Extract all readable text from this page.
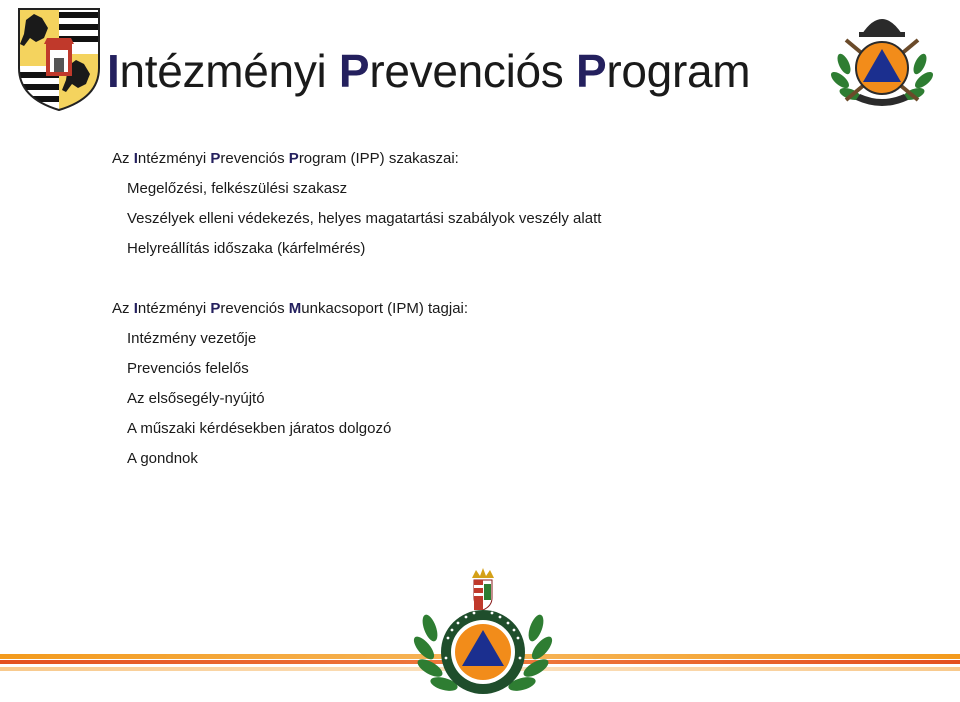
Intézményi Prevenciós Program

Az Intézményi Prevenciós Program (IPP) szakaszai:

Megelőzési, felkészülési szakasz

Veszélyek elleni védekezés, helyes magatartási szabályok veszély alatt

Helyreállítás időszaka (kárfelmérés)

Az Intézményi Prevenciós Munkacsoport (IPM) tagjai:

Intézmény vezetője

Prevenciós felelős

Az elsősegély-nyújtó

A műszaki kérdésekben járatos dolgozó

A gondnok
